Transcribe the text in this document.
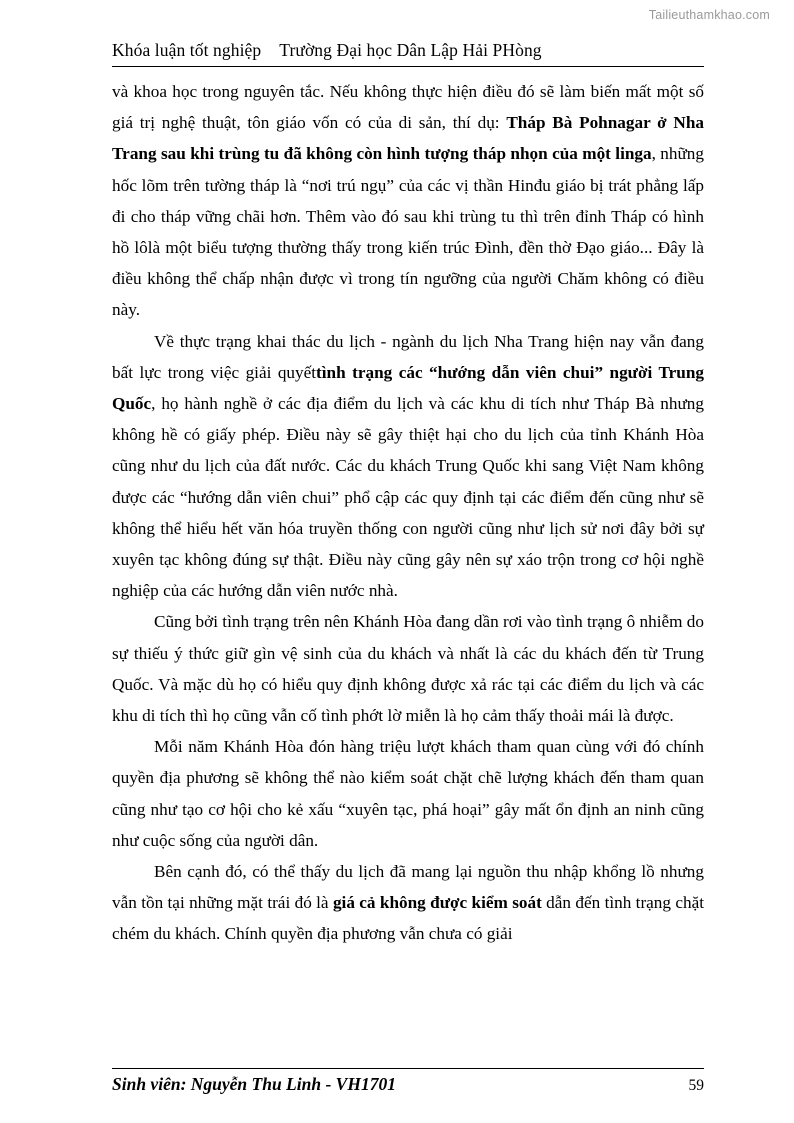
Tailieuthamkhao.com
Khóa luận tốt nghiệp Trường Đại học Dân Lập Hải PHòng

và khoa học trong nguyên tắc. Nếu không thực hiện điều đó sẽ làm biến mất một số giá trị nghệ thuật, tôn giáo vốn có của di sản, thí dụ: Tháp Bà Pohnagar ở Nha Trang sau khi trùng tu đã không còn hình tượng tháp nhọn của một linga, những hốc lõm trên tường tháp là “nơi trú ngụ” của các vị thần Hinđu giáo bị trát phẳng lấp đi cho tháp vững chãi hơn. Thêm vào đó sau khi trùng tu thì trên đỉnh Tháp có hình hồ lôlà một biểu tượng thường thấy trong kiến trúc Đình, đền thờ Đạo giáo... Đây là điều không thể chấp nhận được vì trong tín ngưỡng của người Chăm không có điều này.

Về thực trạng khai thác du lịch - ngành du lịch Nha Trang hiện nay vẫn đang bất lực trong việc giải quyếttình trạng các “hướng dẫn viên chui” người Trung Quốc, họ hành nghề ở các địa điểm du lịch và các khu di tích như Tháp Bà nhưng không hề có giấy phép. Điều này sẽ gây thiệt hại cho du lịch của tỉnh Khánh Hòa cũng như du lịch của đất nước. Các du khách Trung Quốc khi sang Việt Nam không được các “hướng dẫn viên chui” phổ cập các quy định tại các điểm đến cũng như sẽ không thể hiểu hết văn hóa truyền thống con người cũng như lịch sử nơi đây bởi sự xuyên tạc không đúng sự thật. Điều này cũng gây nên sự xáo trộn trong cơ hội nghề nghiệp của các hướng dẫn viên nước nhà.

Cũng bởi tình trạng trên nên Khánh Hòa đang dần rơi vào tình trạng ô nhiễm do sự thiếu ý thức giữ gìn vệ sinh của du khách và nhất là các du khách đến từ Trung Quốc. Và mặc dù họ có hiểu quy định không được xả rác tại các điểm du lịch và các khu di tích thì họ cũng vẫn cố tình phớt lờ miễn là họ cảm thấy thoải mái là được.

Mỗi năm Khánh Hòa đón hàng triệu lượt khách tham quan cùng với đó chính quyền địa phương sẽ không thể nào kiểm soát chặt chẽ lượng khách đến tham quan cũng như tạo cơ hội cho kẻ xấu “xuyên tạc, phá hoại” gây mất ổn định an ninh cũng như cuộc sống của người dân.

Bên cạnh đó, có thể thấy du lịch đã mang lại nguồn thu nhập khổng lồ nhưng vẫn tồn tại những mặt trái đó là giá cả không được kiểm soát dẫn đến tình trạng chặt chém du khách. Chính quyền địa phương vẫn chưa có giải

Sinh viên: Nguyễn Thu Linh - VH1701	59
